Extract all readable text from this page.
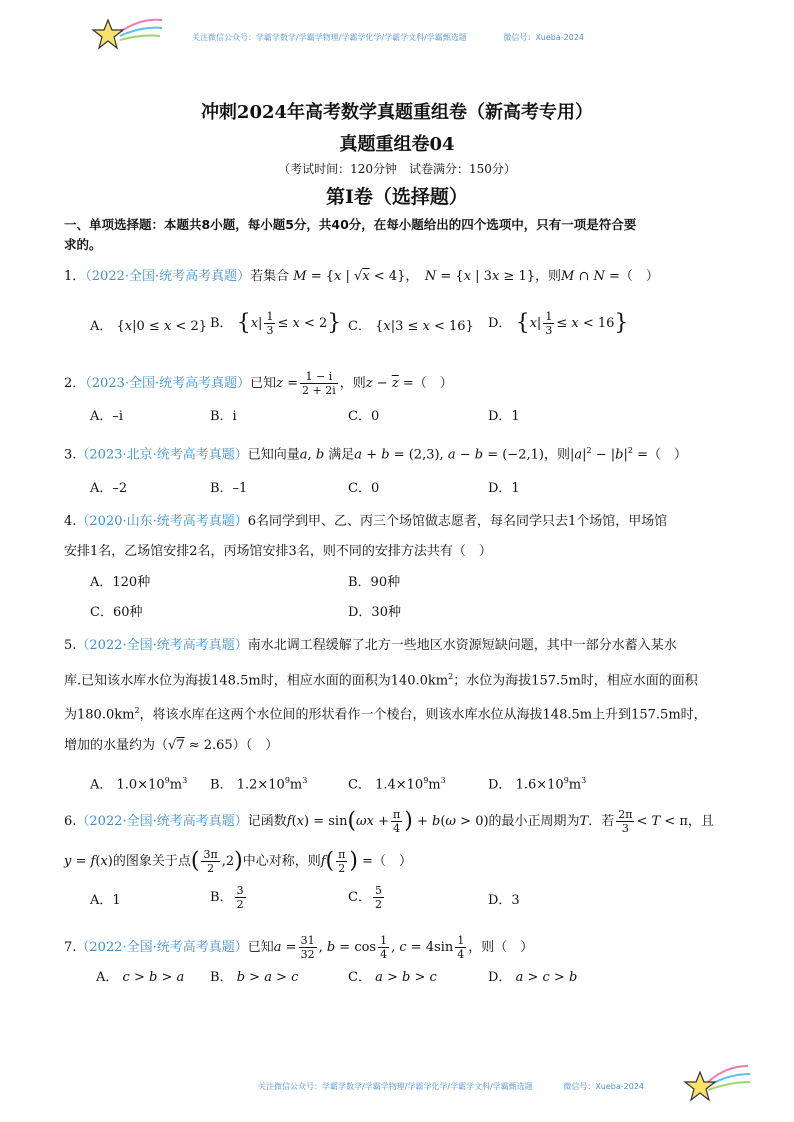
关注微信公众号：学霸学数学/学霸学物理/学霸学化学/学霸学文科/学霸甄选题	微信号：Xueba-2024
冲刺2024年高考数学真题重组卷（新高考专用）
真题重组卷04
（考试时间：120分钟　试卷满分：150分）
第I卷（选择题）
一、单项选择题：本题共8小题，每小题5分，共40分，在每小题给出的四个选项中，只有一项是符合要
求的。
1．（2022·全国·统考高考真题）若集合 M = {x | √x < 4}，　N = {x | 3x ≥ 1}，则M ∩ N =（　）
A． {x|0 ≤ x < 2} B． $\{x| \frac{1}{3} \le x < 2\}$ C． {x|3 ≤ x < 16} D． $\{x| \frac{1}{3} \le x < 16\}$
2．（2023·全国·统考高考真题）已知$z = \frac{1 - i}{2 + 2i}$ ，则$z - \overline{z}$ =（　）
A．–i	B．i	C．0	D．1
3.（2023·北京·统考高考真题）已知向量a, b 满足a + b = (2,3), a − b = (−2,1)，则$|a|^2 - |b|^2$ =（　）
A．–2	B．–1	C．0	D．1
4.（2020·山东·统考高考真题）6名同学到甲、乙、丙三个场馆做志愿者，每名同学只去1个场馆，甲场馆
安排1名，乙场馆安排2名，丙场馆安排3名，则不同的安排方法共有（　）
A．120种	B．90种
C．60种	D．30种
5.（2022·全国·统考高考真题）南水北调工程缓解了北方一些地区水资源短缺问题，其中一部分水蓄入某水
库.已知该水库水位为海拔148.5m时，相应水面的面积为$140.0km^2$；水位为海拔157.5m时，相应水面的面积
为$180.0km^2$，将该水库在这两个水位间的形状看作一个棱台，则该水库水位从海拔148.5m上升到157.5m时，
增加的水量约为（√7 ≈ 2.65）（　）
A． $1.0\times 10^9m^3$ B． $1.2\times 10^9m^3$	C． $1.4\times 10^9m^3$	D． $1.6\times 10^9m^3$
6.（2022·全国·统考高考真题）记函数$f(x) = \sin(\omega x + \frac{\pi}{4}$ ) + b(ω > 0)的最小正周期为T．若 $\frac{2\pi}{3} < T < \pi$，且
y = f(x)的图象关于点( $\frac{3\pi}{2} ,2$)中心对称，则$f( \frac{\pi}{2}$ ) =（　）
A．1	B． $\frac{3}{2}$	C． $\frac{5}{2}$	D．3
7.（2022·全国·统考高考真题）已知$a = \frac{31}{32}$ , $b = \cos \frac{1}{4}$ , $c = 4\sin \frac{1}{4}$ ，则（　）
A． c > b > a B． b > a > c	C． a > b > c	D． a > c > b
关注微信公众号：学霸学数学/学霸学物理/学霸学化学/学霸学文科/学霸甄选题	微信号：Xueba-2024
